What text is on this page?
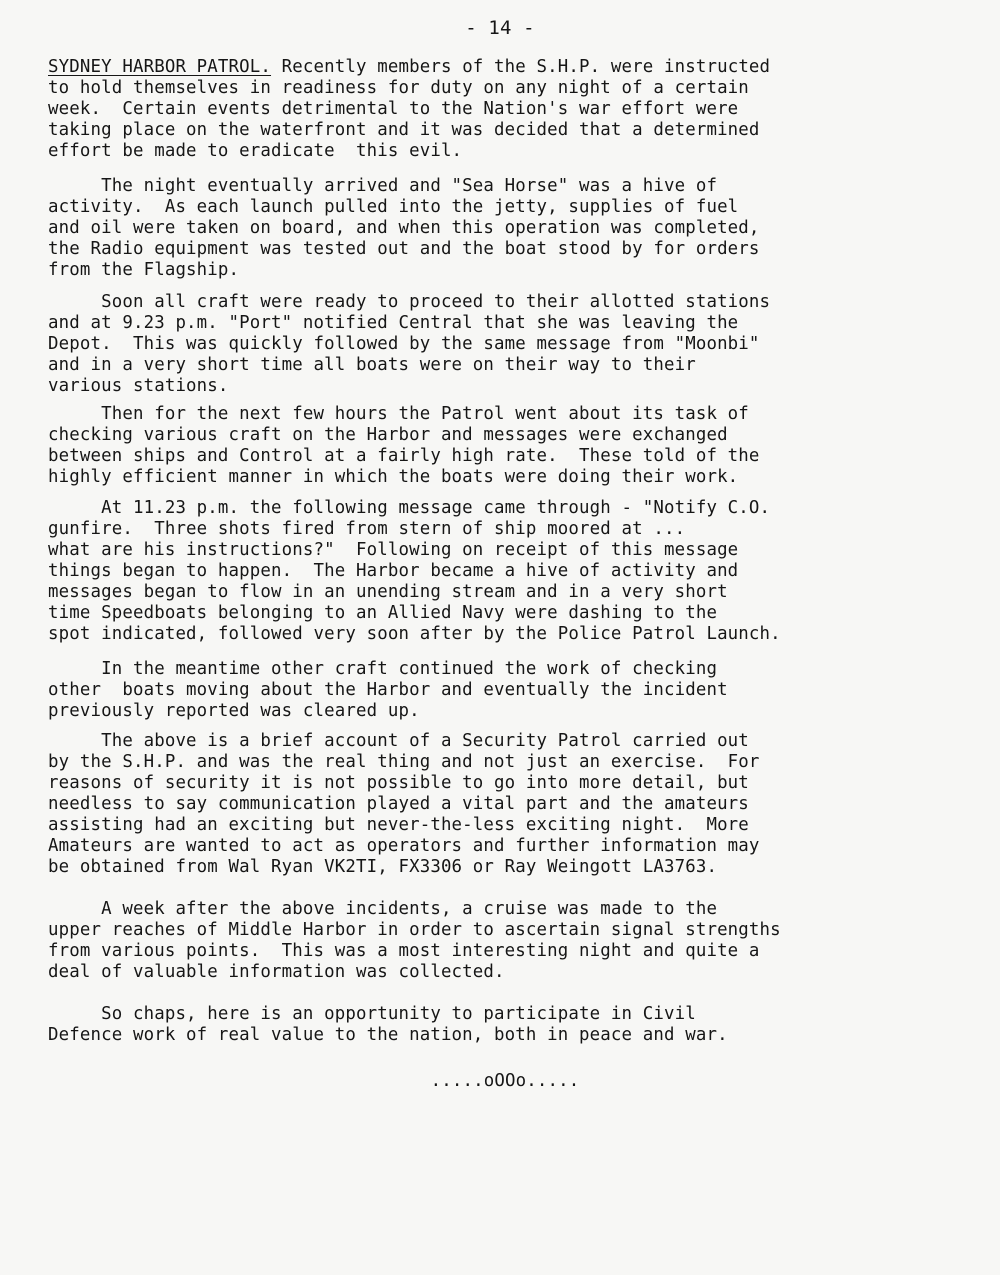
- 14 -
SYDNEY HARBOR PATROL. Recently members of the S.H.P. were instructed
to hold themselves in readiness for duty on any night of a certain
week.  Certain events detrimental to the Nation's war effort were
taking place on the waterfront and it was decided that a determined
effort be made to eradicate  this evil.
The night eventually arrived and "Sea Horse" was a hive of
activity.  As each launch pulled into the jetty, supplies of fuel
and oil were taken on board, and when this operation was completed,
the Radio equipment was tested out and the boat stood by for orders
from the Flagship.
Soon all craft were ready to proceed to their allotted stations
and at 9.23 p.m. "Port" notified Central that she was leaving the
Depot.  This was quickly followed by the same message from "Moonbi"
and in a very short time all boats were on their way to their
various stations.
Then for the next few hours the Patrol went about its task of
checking various craft on the Harbor and messages were exchanged
between ships and Control at a fairly high rate.  These told of the
highly efficient manner in which the boats were doing their work.
At 11.23 p.m. the following message came through - "Notify C.O.
gunfire.  Three shots fired from stern of ship moored at ...
what are his instructions?"  Following on receipt of this message
things began to happen.  The Harbor became a hive of activity and
messages began to flow in an unending stream and in a very short
time Speedboats belonging to an Allied Navy were dashing to the
spot indicated, followed very soon after by the Police Patrol Launch.
In the meantime other craft continued the work of checking
other  boats moving about the Harbor and eventually the incident
previously reported was cleared up.
The above is a brief account of a Security Patrol carried out
by the S.H.P. and was the real thing and not just an exercise.  For
reasons of security it is not possible to go into more detail, but
needless to say communication played a vital part and the amateurs
assisting had an exciting but never-the-less exciting night.  More
Amateurs are wanted to act as operators and further information may
be obtained from Wal Ryan VK2TI, FX3306 or Ray Weingott LA3763.
A week after the above incidents, a cruise was made to the
upper reaches of Middle Harbor in order to ascertain signal strengths
from various points.  This was a most interesting night and quite a
deal of valuable information was collected.
So chaps, here is an opportunity to participate in Civil
Defence work of real value to the nation, both in peace and war.
.....oOOo.....
